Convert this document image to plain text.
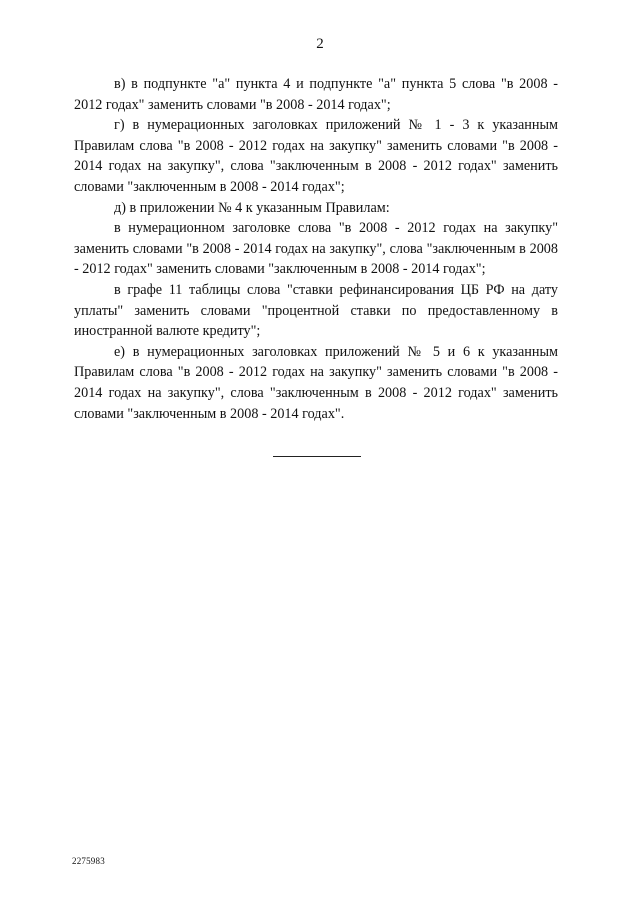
2

в) в подпункте "а" пункта 4 и подпункте "а" пункта 5 слова "в 2008 - 2012 годах" заменить словами "в 2008 - 2014 годах";

г) в нумерационных заголовках приложений № 1 - 3 к указанным Правилам слова "в 2008 - 2012 годах на закупку" заменить словами "в 2008 - 2014 годах на закупку", слова "заключенным в 2008 - 2012 годах" заменить словами "заключенным в 2008 - 2014 годах";

д) в приложении № 4 к указанным Правилам:

в нумерационном заголовке слова "в 2008 - 2012 годах на закупку" заменить словами "в 2008 - 2014 годах на закупку", слова "заключенным в 2008 - 2012 годах" заменить словами "заключенным в 2008 - 2014 годах";

в графе 11 таблицы слова "ставки рефинансирования ЦБ РФ на дату уплаты" заменить словами "процентной ставки по предоставленному в иностранной валюте кредиту";

е) в нумерационных заголовках приложений № 5 и 6 к указанным Правилам слова "в 2008 - 2012 годах на закупку" заменить словами "в 2008 - 2014 годах на закупку", слова "заключенным в 2008 - 2012 годах" заменить словами "заключенным в 2008 - 2014 годах".

2275983
